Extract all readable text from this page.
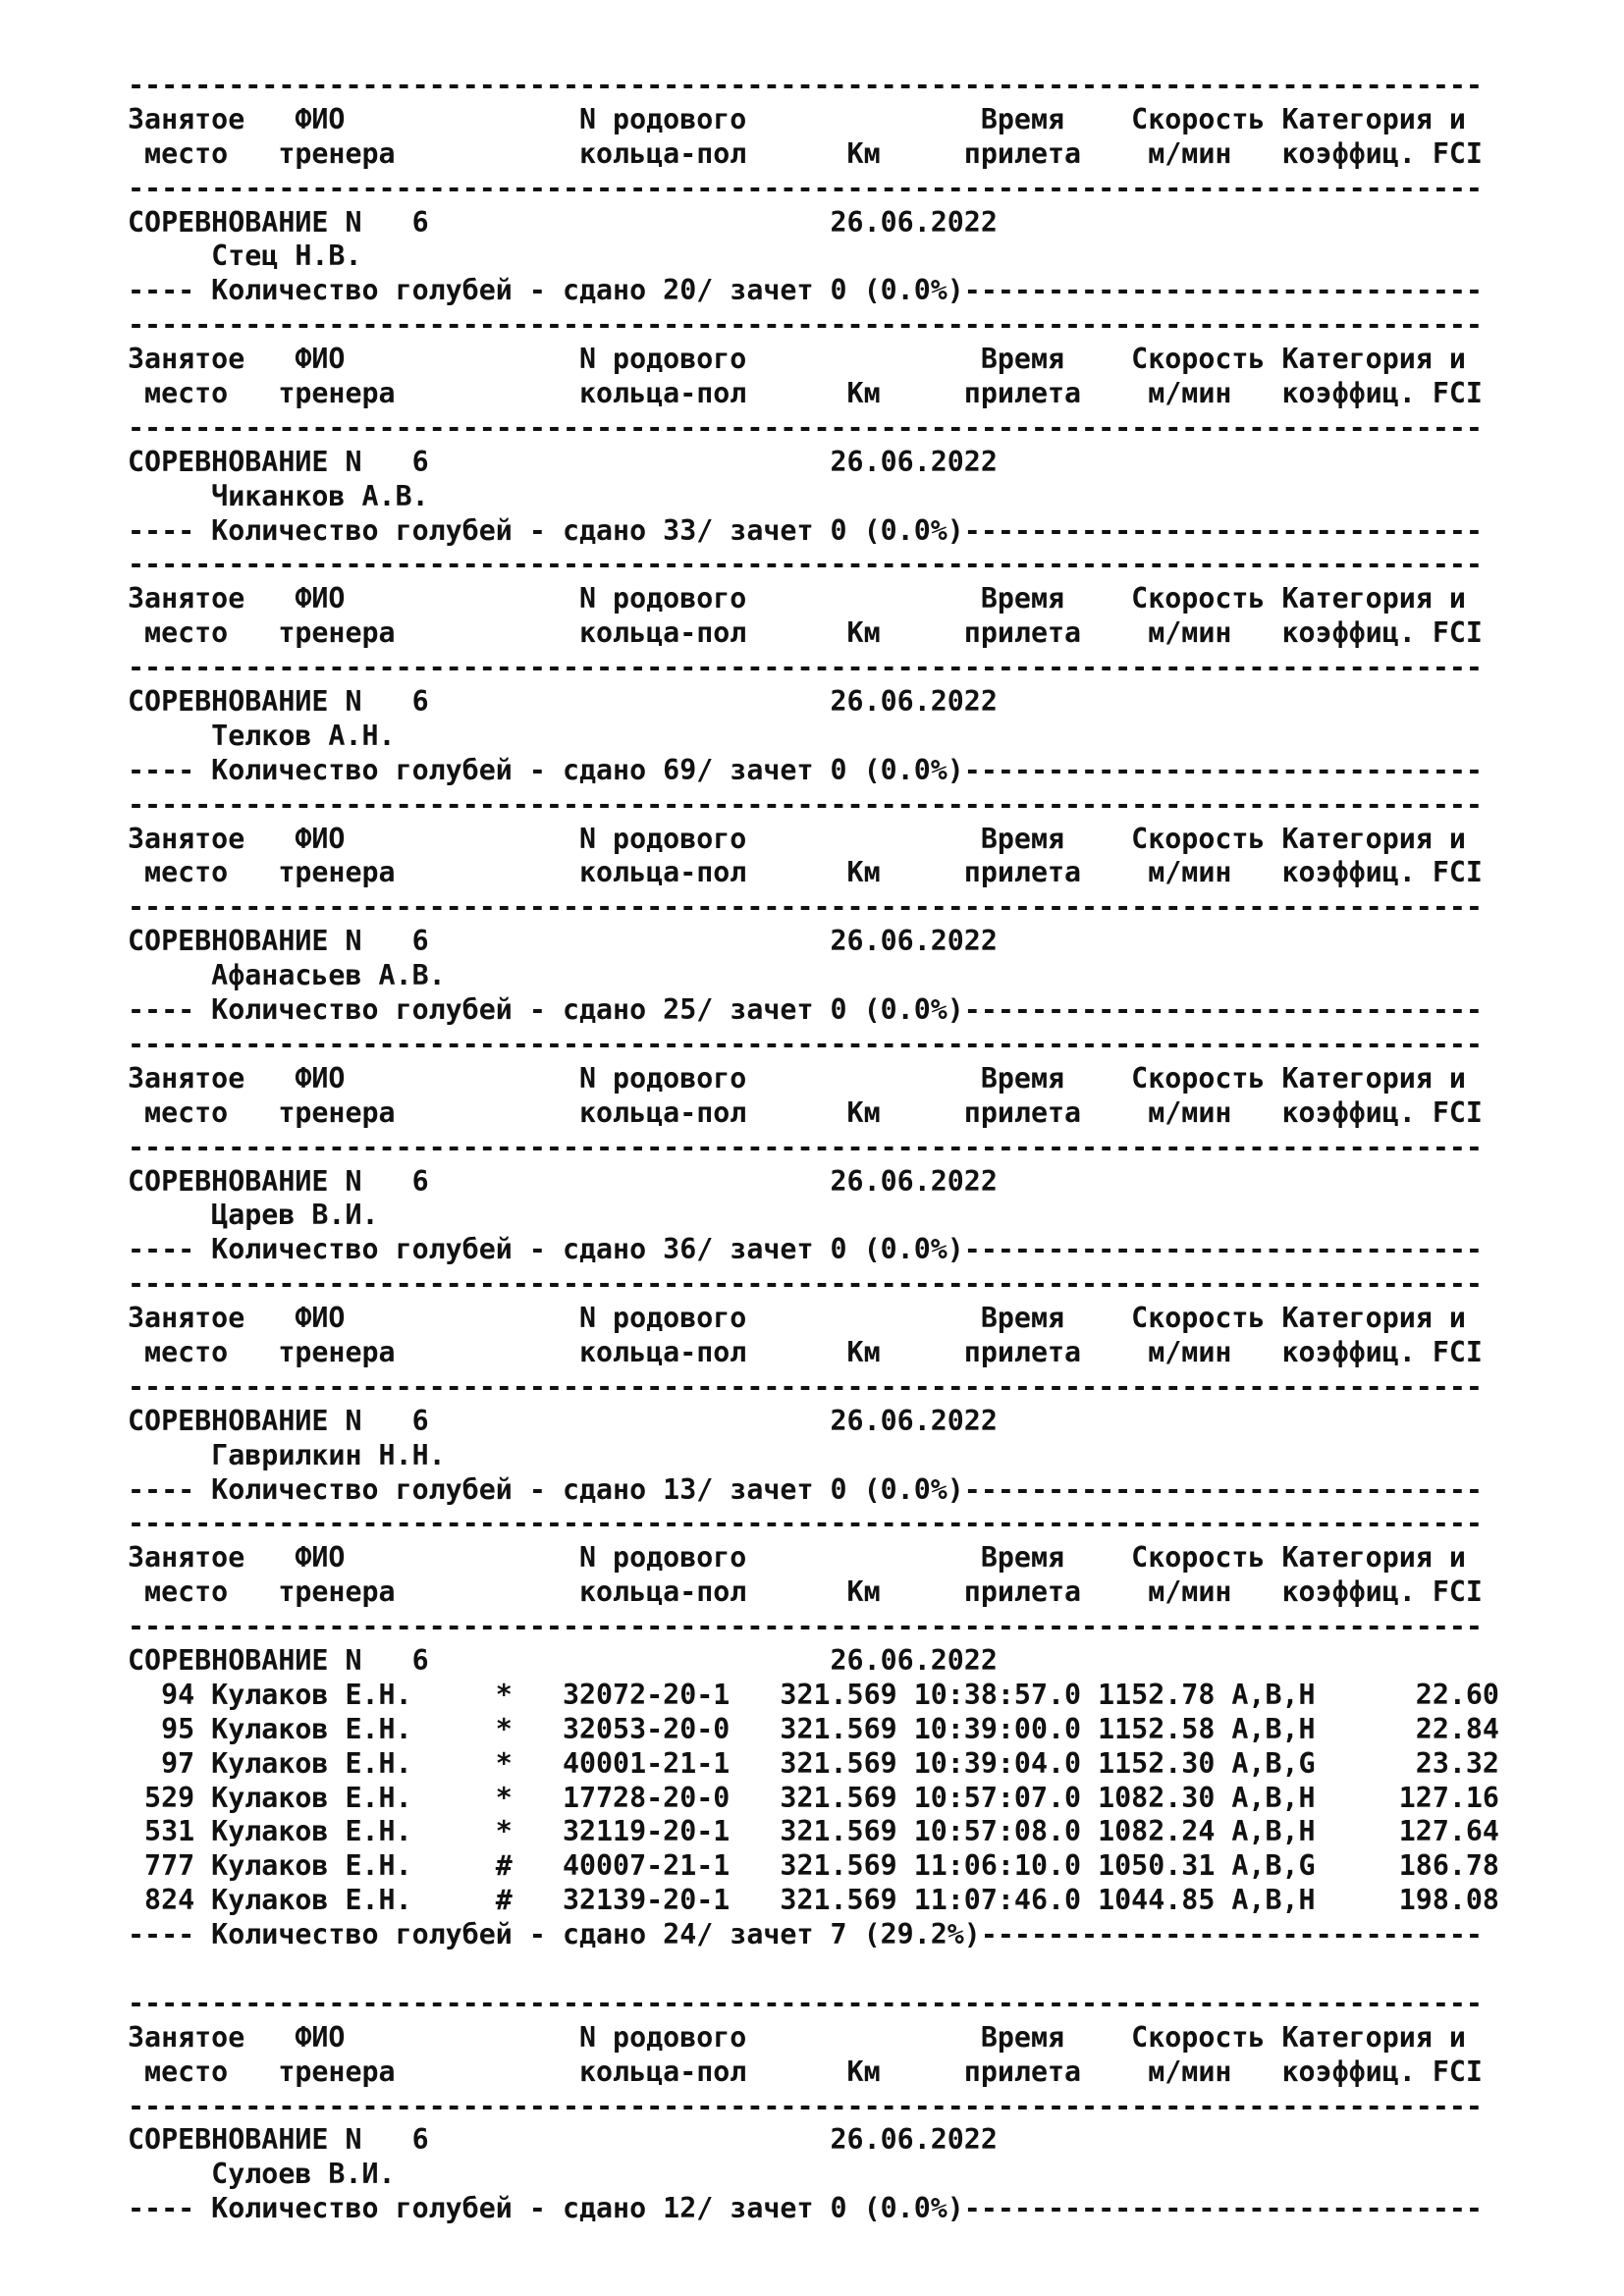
---------------------------------------------------------------------------------
Занятое   ФИО              N родового              Время    Скорость Категория и
место   тренера           кольца-пол      Км     прилета    м/мин   коэффиц. FCI
---------------------------------------------------------------------------------
СОРЕВНОВАНИЕ N   6                        26.06.2022
Стец Н.В.
---- Количество голубей - сдано 20/ зачет 0 (0.0%)-------------------------------
---------------------------------------------------------------------------------
Занятое   ФИО              N родового              Время    Скорость Категория и
место   тренера           кольца-пол      Км     прилета    м/мин   коэффиц. FCI
---------------------------------------------------------------------------------
СОРЕВНОВАНИЕ N   6                        26.06.2022
Чиканков А.В.
---- Количество голубей - сдано 33/ зачет 0 (0.0%)-------------------------------
---------------------------------------------------------------------------------
Занятое   ФИО              N родового              Время    Скорость Категория и
место   тренера           кольца-пол      Км     прилета    м/мин   коэффиц. FCI
---------------------------------------------------------------------------------
СОРЕВНОВАНИЕ N   6                        26.06.2022
Телков А.Н.
---- Количество голубей - сдано 69/ зачет 0 (0.0%)-------------------------------
---------------------------------------------------------------------------------
Занятое   ФИО              N родового              Время    Скорость Категория и
место   тренера           кольца-пол      Км     прилета    м/мин   коэффиц. FCI
---------------------------------------------------------------------------------
СОРЕВНОВАНИЕ N   6                        26.06.2022
Афанасьев А.В.
---- Количество голубей - сдано 25/ зачет 0 (0.0%)-------------------------------
---------------------------------------------------------------------------------
Занятое   ФИО              N родового              Время    Скорость Категория и
место   тренера           кольца-пол      Км     прилета    м/мин   коэффиц. FCI
---------------------------------------------------------------------------------
СОРЕВНОВАНИЕ N   6                        26.06.2022
Царев В.И.
---- Количество голубей - сдано 36/ зачет 0 (0.0%)-------------------------------
---------------------------------------------------------------------------------
Занятое   ФИО              N родового              Время    Скорость Категория и
место   тренера           кольца-пол      Км     прилета    м/мин   коэффиц. FCI
---------------------------------------------------------------------------------
СОРЕВНОВАНИЕ N   6                        26.06.2022
Гаврилкин Н.Н.
---- Количество голубей - сдано 13/ зачет 0 (0.0%)-------------------------------
---------------------------------------------------------------------------------
Занятое   ФИО              N родового              Время    Скорость Категория и
место   тренера           кольца-пол      Км     прилета    м/мин   коэффиц. FCI
---------------------------------------------------------------------------------
СОРЕВНОВАНИЕ N   6                        26.06.2022
94 Кулаков Е.Н.     *   32072-20-1   321.569 10:38:57.0 1152.78 A,B,H      22.60
95 Кулаков Е.Н.     *   32053-20-0   321.569 10:39:00.0 1152.58 A,B,H      22.84
97 Кулаков Е.Н.     *   40001-21-1   321.569 10:39:04.0 1152.30 A,B,G      23.32
529 Кулаков Е.Н.     *   17728-20-0   321.569 10:57:07.0 1082.30 A,B,H     127.16
531 Кулаков Е.Н.     *   32119-20-1   321.569 10:57:08.0 1082.24 A,B,H     127.64
777 Кулаков Е.Н.     #   40007-21-1   321.569 11:06:10.0 1050.31 A,B,G     186.78
824 Кулаков Е.Н.     #   32139-20-1   321.569 11:07:46.0 1044.85 A,B,H     198.08
---- Количество голубей - сдано 24/ зачет 7 (29.2%)------------------------------
---------------------------------------------------------------------------------
Занятое   ФИО              N родового              Время    Скорость Категория и
место   тренера           кольца-пол      Км     прилета    м/мин   коэффиц. FCI
---------------------------------------------------------------------------------
СОРЕВНОВАНИЕ N   6                        26.06.2022
Сулоев В.И.
---- Количество голубей - сдано 12/ зачет 0 (0.0%)-------------------------------
